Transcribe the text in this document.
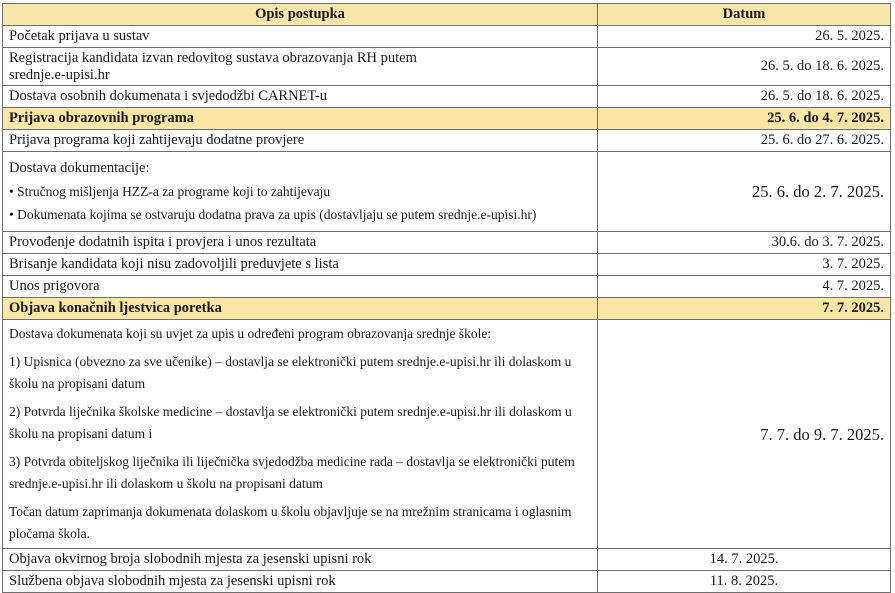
Opis postupka	Datum
Početak prijava u sustav	26. 5. 2025.
Registracija kandidata izvan redovitog sustava obrazovanja RH putem srednje.e-upisi.hr	26. 5. do 18. 6. 2025.
Dostava osobnih dokumenata i svjedodžbi CARNET-u	26. 5. do 18. 6. 2025.
Prijava obrazovnih programa	25. 6. do 4. 7. 2025.
Prijava programa koji zahtijevaju dodatne provjere	25. 6. do 27. 6. 2025.

Dostava dokumentacije:
• Stručnog mišljenja HZZ-a za programe koji to zahtijevaju
• Dokumenata kojima se ostvaruju dodatna prava za upis (dostavljaju se putem srednje.e-upisi.hr)	25. 6. do 2. 7. 2025.
Provođenje dodatnih ispita i provjera i unos rezultata	30.6. do 3. 7. 2025.
Brisanje kandidata koji nisu zadovoljili preduvjete s lista	3. 7. 2025.
Unos prigovora	4. 7. 2025.
Objava konačnih ljestvica poretka	7. 7. 2025.

Dostava dokumenata koji su uvjet za upis u određeni program obrazovanja srednje škole:

1) Upisnica (obvezno za sve učenike) – dostavlja se elektronički putem srednje.e-upisi.hr ili dolaskom u školu na propisani datum

2) Potvrda liječnika školske medicine – dostavlja se elektronički putem srednje.e-upisi.hr ili dolaskom u školu na propisani datum i

3) Potvrda obiteljskog liječnika ili liječnička svjedodžba medicine rada – dostavlja se elektronički putem srednje.e-upisi.hr ili dolaskom u školu na propisani datum

Točan datum zaprimanja dokumenata dolaskom u školu objavljuje se na mrežnim stranicama i oglasnim pločama škola.	7. 7. do 9. 7. 2025.
Objava okvirnog broja slobodnih mjesta za jesenski upisni rok	14. 7. 2025.
Službena objava slobodnih mjesta za jesenski upisni rok	11. 8. 2025.
